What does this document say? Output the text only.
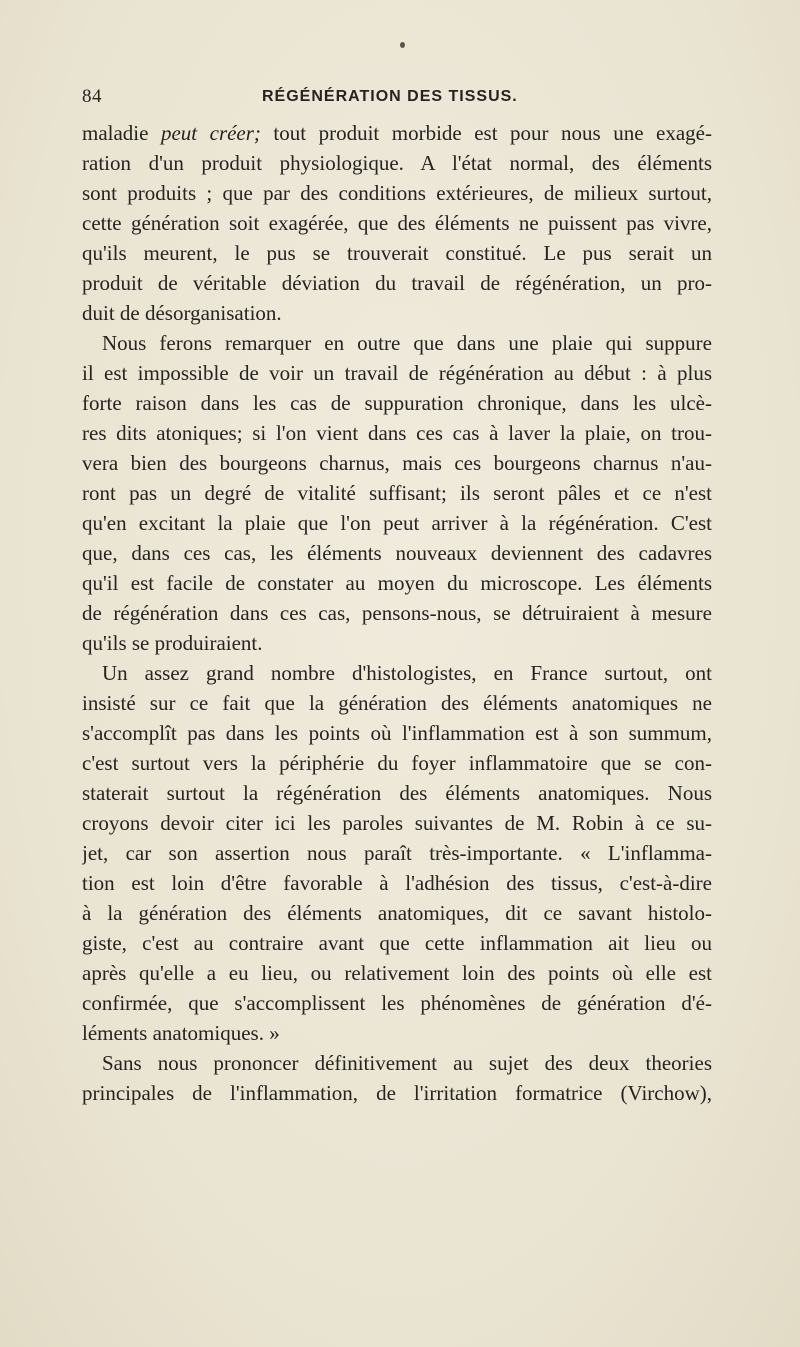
84	RÉGÉNÉRATION DES TISSUS.
maladie peut créer; tout produit morbide est pour nous une exagé-
ration d'un produit physiologique. A l'état normal, des éléments
sont produits ; que par des conditions extérieures, de milieux surtout,
cette génération soit exagérée, que des éléments ne puissent pas vivre,
qu'ils meurent, le pus se trouverait constitué. Le pus serait un
produit de véritable déviation du travail de régénération, un pro-
duit de désorganisation.
Nous ferons remarquer en outre que dans une plaie qui suppure
il est impossible de voir un travail de régénération au début : à plus
forte raison dans les cas de suppuration chronique, dans les ulcè-
res dits atoniques; si l'on vient dans ces cas à laver la plaie, on trou-
vera bien des bourgeons charnus, mais ces bourgeons charnus n'au-
ront pas un degré de vitalité suffisant; ils seront pâles et ce n'est
qu'en excitant la plaie que l'on peut arriver à la régénération. C'est
que, dans ces cas, les éléments nouveaux deviennent des cadavres
qu'il est facile de constater au moyen du microscope. Les éléments
de régénération dans ces cas, pensons-nous, se détruiraient à mesure
qu'ils se produiraient.
Un assez grand nombre d'histologistes, en France surtout, ont
insisté sur ce fait que la génération des éléments anatomiques ne
s'accomplît pas dans les points où l'inflammation est à son summum,
c'est surtout vers la périphérie du foyer inflammatoire que se con-
staterait surtout la régénération des éléments anatomiques. Nous
croyons devoir citer ici les paroles suivantes de M. Robin à ce su-
jet, car son assertion nous paraît très-importante. « L'inflamma-
tion est loin d'être favorable à l'adhésion des tissus, c'est-à-dire
à la génération des éléments anatomiques, dit ce savant histolo-
giste, c'est au contraire avant que cette inflammation ait lieu ou
après qu'elle a eu lieu, ou relativement loin des points où elle est
confirmée, que s'accomplissent les phénomènes de génération d'é-
léments anatomiques. »
Sans nous prononcer définitivement au sujet des deux theories
principales de l'inflammation, de l'irritation formatrice (Virchow),
